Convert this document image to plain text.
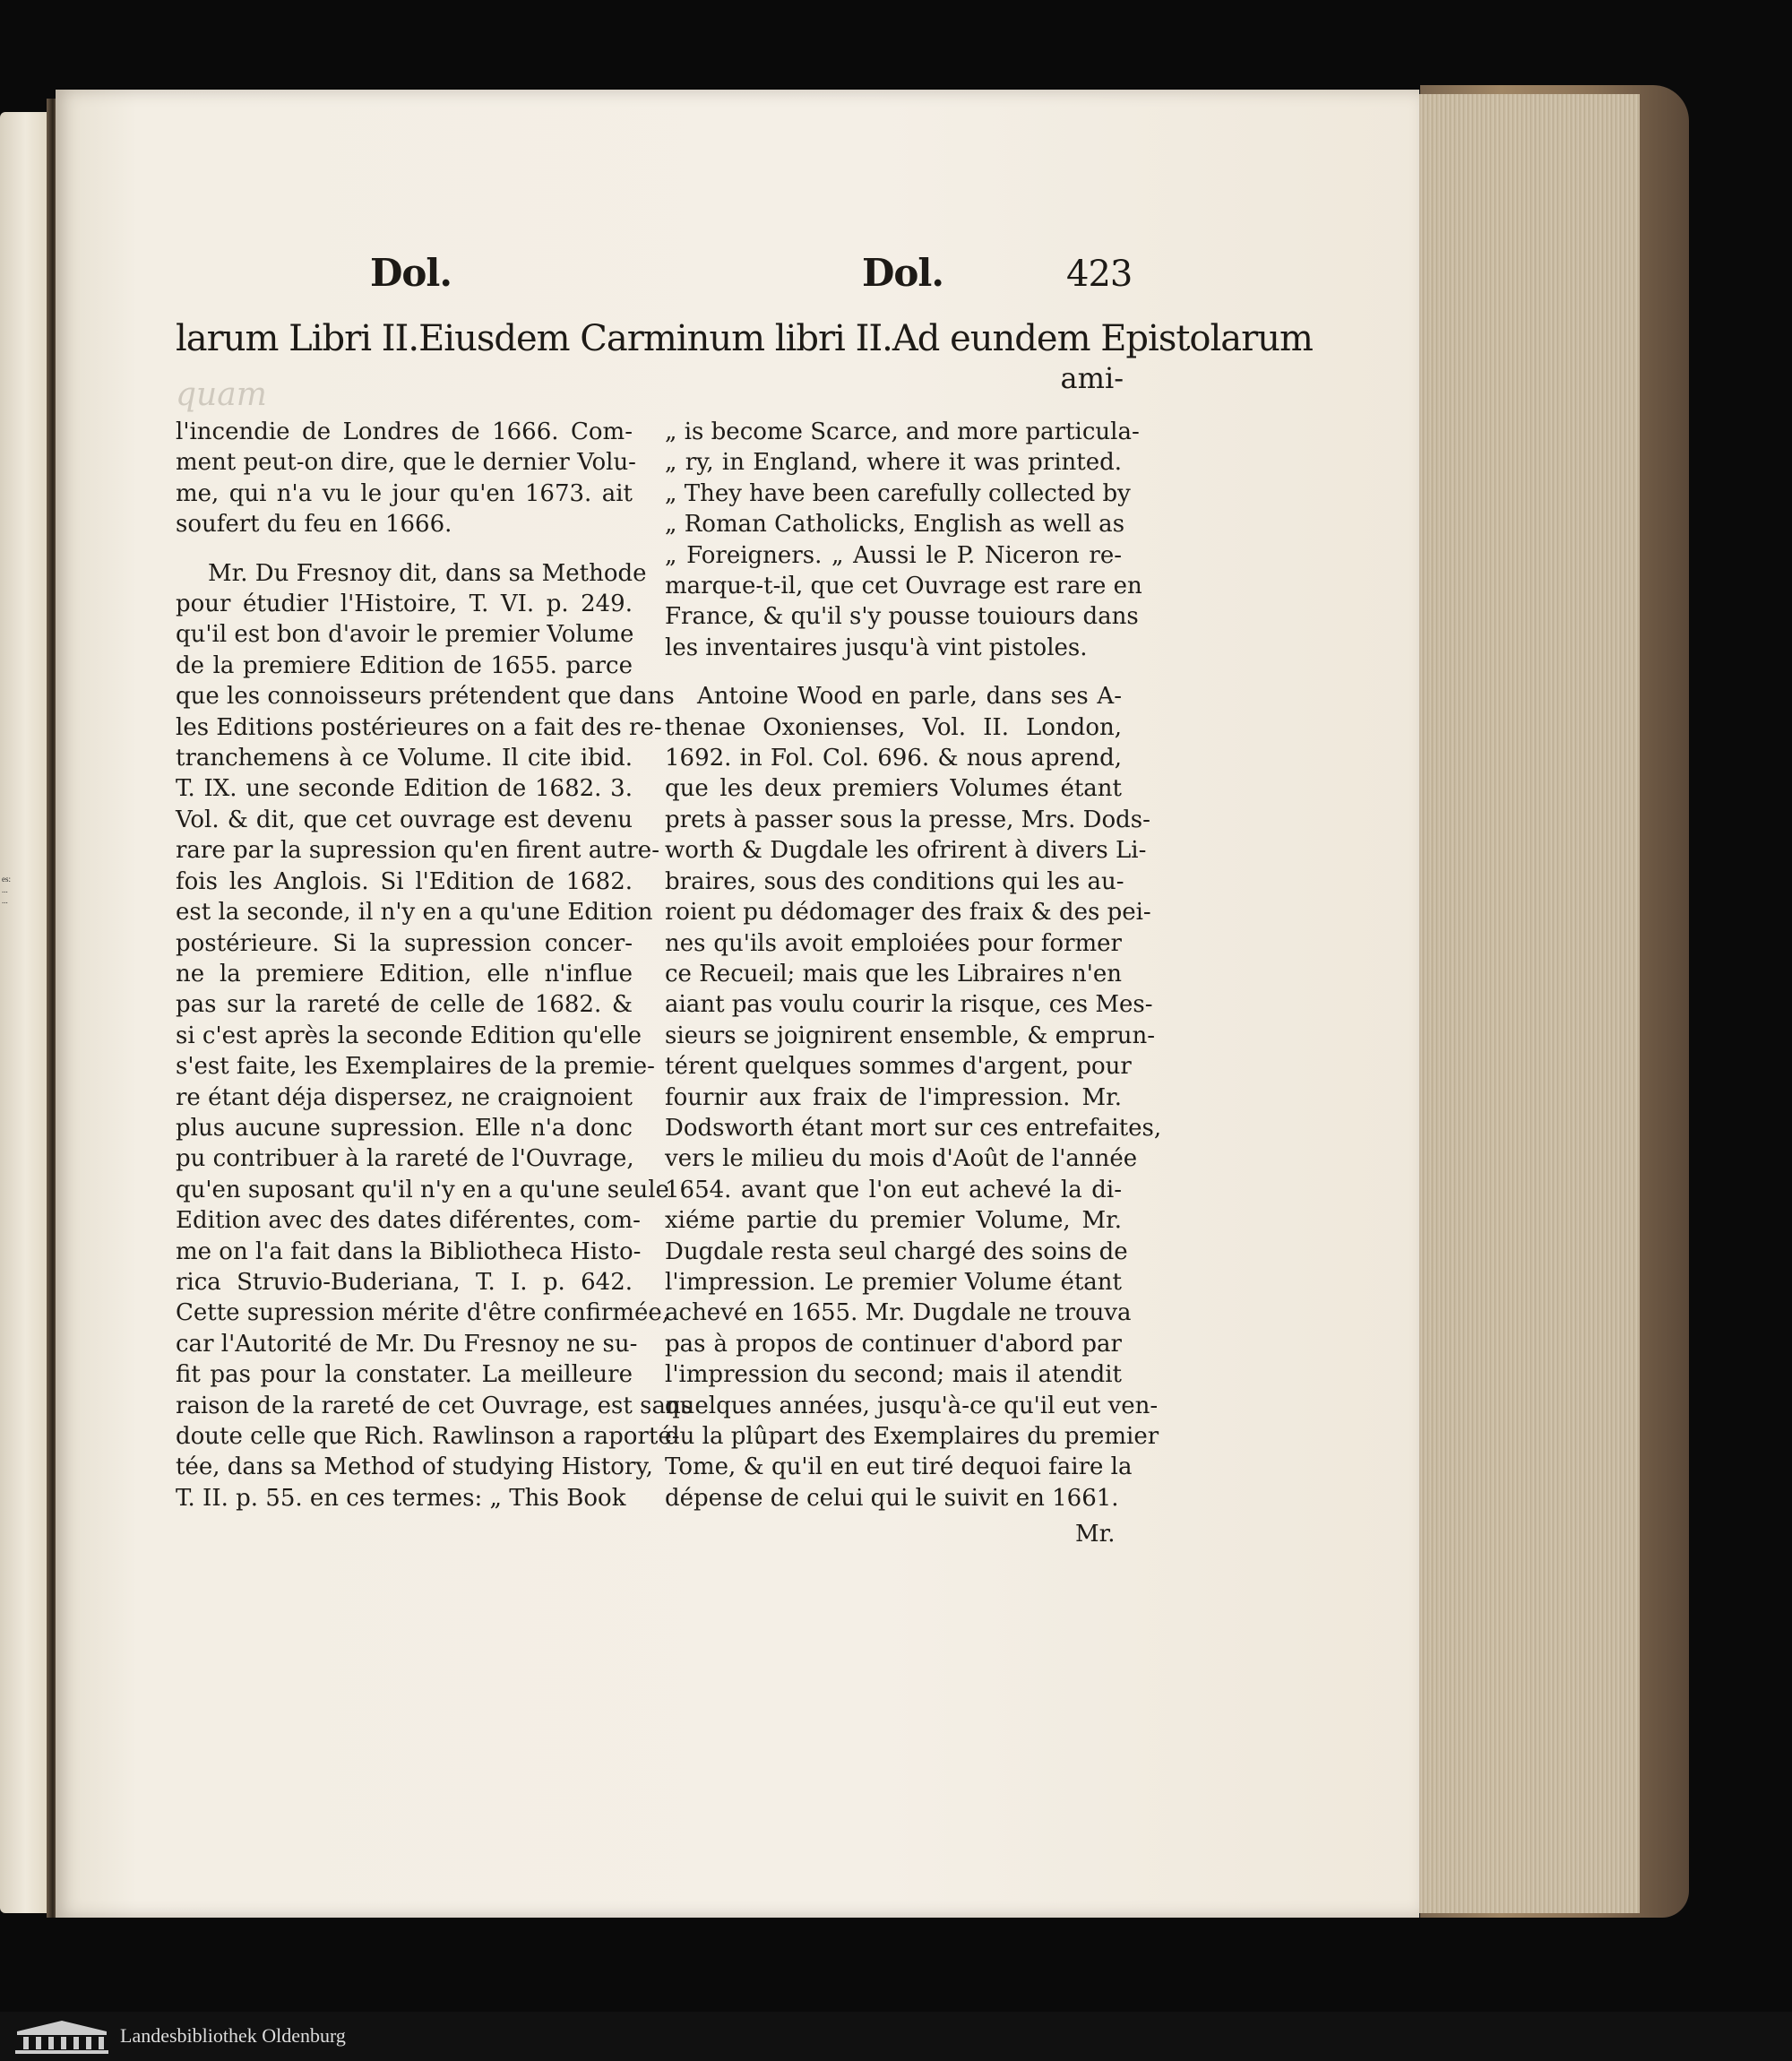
es:
...
...
quam
Dol.	Dol.	423
larum Libri II. Eiusdem Carminum libri II. Ad eundem Epistolarum
ami-

l'incendie de Londres de 1666. Com-
ment peut-on dire, que le dernier Volu-
me, qui n'a vu le jour qu'en 1673. ait
soufert du feu en 1666.

Mr. Du Fresnoy dit, dans sa Methode
pour étudier l'Histoire, T. VI. p. 249.
qu'il est bon d'avoir le premier Volume
de la premiere Edition de 1655. parce
que les connoisseurs prétendent que dans
les Editions postérieures on a fait des re-
tranchemens à ce Volume. Il cite ibid.
T. IX. une seconde Edition de 1682. 3.
Vol. & dit, que cet ouvrage est devenu
rare par la supression qu'en firent autre-
fois les Anglois. Si l'Edition de 1682.
est la seconde, il n'y en a qu'une Edition
postérieure. Si la supression concer-
ne la premiere Edition, elle n'influe
pas sur la rareté de celle de 1682. &
si c'est après la seconde Edition qu'elle
s'est faite, les Exemplaires de la premie-
re étant déja dispersez, ne craignoient
plus aucune supression. Elle n'a donc
pu contribuer à la rareté de l'Ouvrage,
qu'en suposant qu'il n'y en a qu'une seule
Edition avec des dates diférentes, com-
me on l'a fait dans la Bibliotheca Histo-
rica Struvio-Buderiana, T. I. p. 642.
Cette supression mérite d'être confirmée,
car l'Autorité de Mr. Du Fresnoy ne su-
fit pas pour la constater. La meilleure
raison de la rareté de cet Ouvrage, est sans
doute celle que Rich. Rawlinson a raporté-
tée, dans sa Method of studying History,
T. II. p. 55. en ces termes: „ This Book

„ is become Scarce, and more particula-
„ ry, in England, where it was printed.
„ They have been carefully collected by
„ Roman Catholicks, English as well as
„ Foreigners. „ Aussi le P. Niceron re-
marque-t-il, que cet Ouvrage est rare en
France, & qu'il s'y pousse touiours dans
les inventaires jusqu'à vint pistoles.

Antoine Wood en parle, dans ses A-
thenae Oxonienses, Vol. II. London,
1692. in Fol. Col. 696. & nous aprend,
que les deux premiers Volumes étant
prets à passer sous la presse, Mrs. Dods-
worth & Dugdale les ofrirent à divers Li-
braires, sous des conditions qui les au-
roient pu dédomager des fraix & des pei-
nes qu'ils avoit emploiées pour former
ce Recueil; mais que les Libraires n'en
aiant pas voulu courir la risque, ces Mes-
sieurs se joignirent ensemble, & emprun-
térent quelques sommes d'argent, pour
fournir aux fraix de l'impression. Mr.
Dodsworth étant mort sur ces entrefaites,
vers le milieu du mois d'Août de l'année
1654. avant que l'on eut achevé la di-
xiéme partie du premier Volume, Mr.
Dugdale resta seul chargé des soins de
l'impression. Le premier Volume étant
achevé en 1655. Mr. Dugdale ne trouva
pas à propos de continuer d'abord par
l'impression du second; mais il atendit
quelques années, jusqu'à-ce qu'il eut ven-
du la plûpart des Exemplaires du premier
Tome, & qu'il en eut tiré dequoi faire la
dépense de celui qui le suivit en 1661.

Mr.
Landesbibliothek Oldenburg
